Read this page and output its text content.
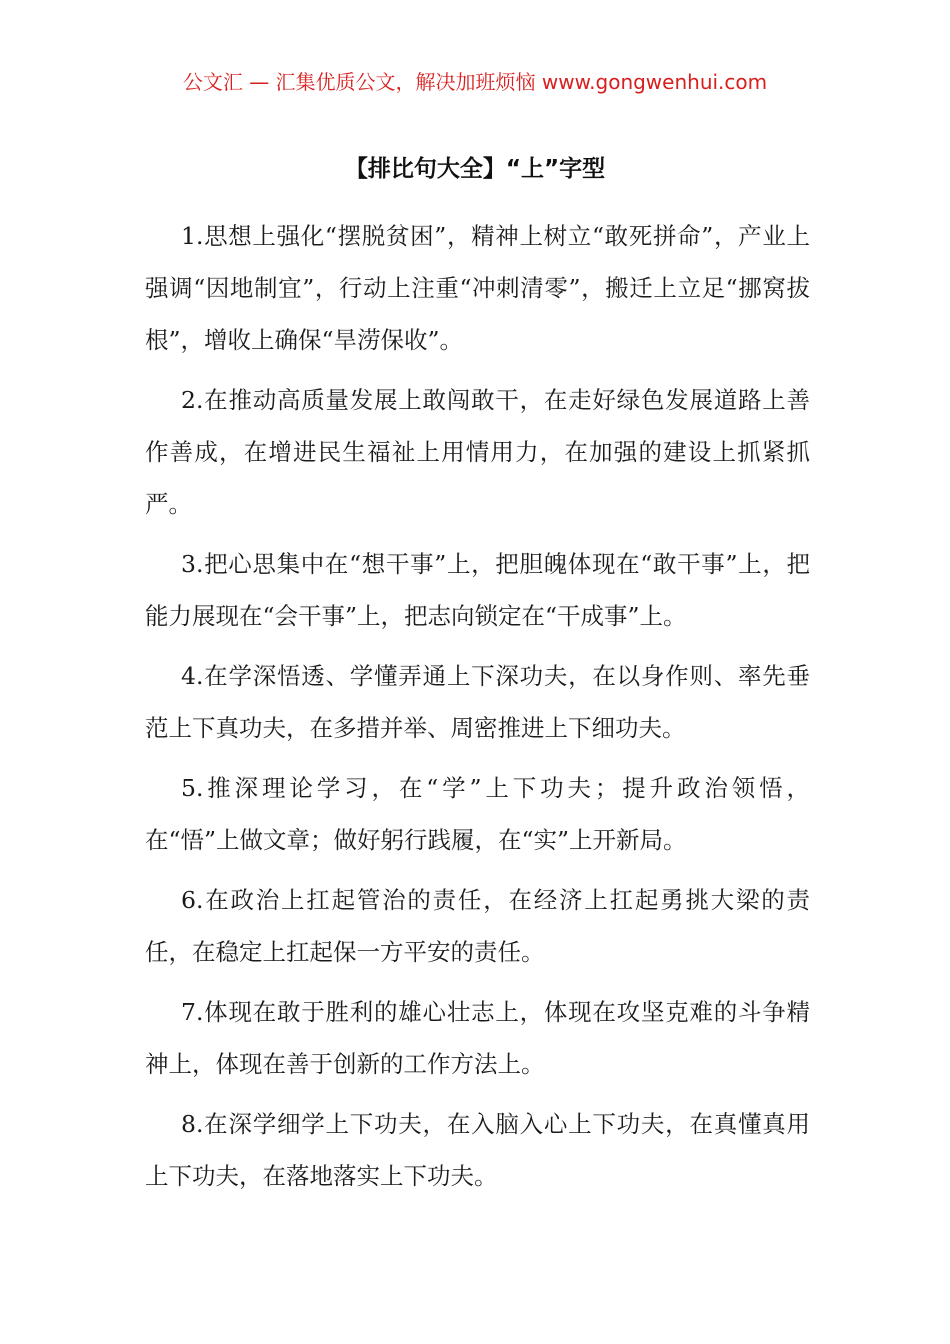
公文汇 — 汇集优质公文，解决加班烦恼 www.gongwenhui.com
【排比句大全】“上”字型

1.思想上强化“摆脱贫困”，精神上树立“敢死拼命”，产业上强调“因地制宜”，行动上注重“冲刺清零”，搬迁上立足“挪窝拔根”，增收上确保“旱涝保收”。

2.在推动高质量发展上敢闯敢干，在走好绿色发展道路上善作善成，在增进民生福祉上用情用力，在加强的建设上抓紧抓严。

3.把心思集中在“想干事”上，把胆魄体现在“敢干事”上，把能力展现在“会干事”上，把志向锁定在“干成事”上。

4.在学深悟透、学懂弄通上下深功夫，在以身作则、率先垂范上下真功夫，在多措并举、周密推进上下细功夫。

5.推深理论学习，在“学”上下功夫；提升政治领悟，在“悟”上做文章；做好躬行践履，在“实”上开新局。

6.在政治上扛起管治的责任，在经济上扛起勇挑大梁的责任，在稳定上扛起保一方平安的责任。

7.体现在敢于胜利的雄心壮志上，体现在攻坚克难的斗争精神上，体现在善于创新的工作方法上。

8.在深学细学上下功夫，在入脑入心上下功夫，在真懂真用上下功夫，在落地落实上下功夫。
